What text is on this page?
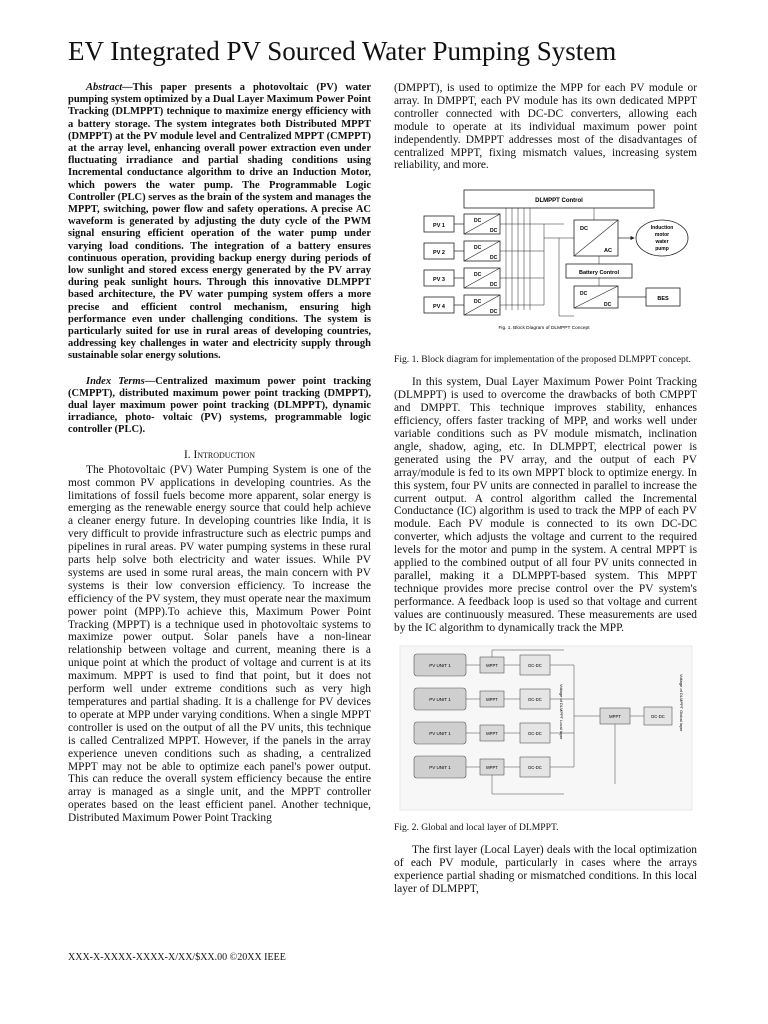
EV Integrated PV Sourced Water Pumping System

Abstract—This paper presents a photovoltaic (PV) water pumping system optimized by a Dual Layer Maximum Power Point Tracking (DLMPPT) technique to maximize energy efficiency with a battery storage. The system integrates both Distributed MPPT (DMPPT) at the PV module level and Centralized MPPT (CMPPT) at the array level, enhancing overall power extraction even under fluctuating irradiance and partial shading conditions using Incremental conductance algorithm to drive an Induction Motor, which powers the water pump. The Programmable Logic Controller (PLC) serves as the brain of the system and manages the MPPT, switching, power flow and safety operations. A precise AC waveform is generated by adjusting the duty cycle of the PWM signal ensuring efficient operation of the water pump under varying load conditions. The integration of a battery ensures continuous operation, providing backup energy during periods of low sunlight and stored excess energy generated by the PV array during peak sunlight hours. Through this innovative DLMPPT based architecture, the PV water pumping system offers a more precise and efficient control mechanism, ensuring high performance even under challenging conditions. The system is particularly suited for use in rural areas of developing countries, addressing key challenges in water and electricity supply through sustainable solar energy solutions.

Index Terms—Centralized maximum power point tracking (CMPPT), distributed maximum power point tracking (DMPPT), dual layer maximum power point tracking (DLMPPT), dynamic irradiance, photo- voltaic (PV) systems, programmable logic controller (PLC).

I. Introduction

The Photovoltaic (PV) Water Pumping System is one of the most common PV applications in developing countries. As the limitations of fossil fuels become more apparent, solar energy is emerging as the renewable energy source that could help achieve a cleaner energy future. In developing countries like India, it is very difficult to provide infrastructure such as electric pumps and pipelines in rural areas. PV water pumping systems in these rural parts help solve both electricity and water issues. While PV systems are used in some rural areas, the main concern with PV systems is their low conversion efficiency. To increase the efficiency of the PV system, they must operate near the maximum power point (MPP).To achieve this, Maximum Power Point Tracking (MPPT) is a technique used in photovoltaic systems to maximize power output. Solar panels have a non-linear relationship between voltage and current, meaning there is a unique point at which the product of voltage and current is at its maximum. MPPT is used to find that point, but it does not perform well under extreme conditions such as very high temperatures and partial shading. It is a challenge for PV devices to operate at MPP under varying conditions. When a single MPPT controller is used on the output of all the PV units, this technique is called Centralized MPPT. However, if the panels in the array experience uneven conditions such as shading, a centralized MPPT may not be able to optimize each panel's power output. This can reduce the overall system efficiency because the entire array is managed as a single unit, and the MPPT controller operates based on the least efficient panel. Another technique, Distributed Maximum Power Point Tracking

(DMPPT), is used to optimize the MPP for each PV module or array. In DMPPT, each PV module has its own dedicated MPPT controller connected with DC-DC converters, allowing each module to operate at its individual maximum power point independently. DMPPT addresses most of the disadvantages of centralized MPPT, fixing mismatch values, increasing system reliability, and more.

DLMPPT Control
PV 1
DC
DC
PV 2
DC
DC
PV 3
DC
DC
PV 4
DC
DC
DC
AC
Induction
motor
water
pump
Battery Control
DC
DC
BES
Fig. 1. Block Diagram of DLMPPT Concept
Fig. 1. Block diagram for implementation of the proposed DLMPPT concept.

In this system, Dual Layer Maximum Power Point Tracking (DLMPPT) is used to overcome the drawbacks of both CMPPT and DMPPT. This technique improves stability, enhances efficiency, offers faster tracking of MPP, and works well under variable conditions such as PV module mismatch, inclination angle, shadow, aging, etc. In DLMPPT, electrical power is generated using the PV array, and the output of each PV array/module is fed to its own MPPT block to optimize energy. In this system, four PV units are connected in parallel to increase the current output. A control algorithm called the Incremental Conductance (IC) algorithm is used to track the MPP of each PV module. Each PV module is connected to its own DC-DC converter, which adjusts the voltage and current to the required levels for the motor and pump in the system. A central MPPT is applied to the combined output of all four PV units connected in parallel, making it a DLMPPT-based system. This MPPT technique provides more precise control over the PV system's performance. A feedback loop is used so that voltage and current values are continuously measured. These measurements are used by the IC algorithm to dynamically track the MPP.

PV UNIT 1	MPPT	DC-DC
PV UNIT 1	MPPT	DC-DC
PV UNIT 1	MPPT	DC-DC
PV UNIT 1	MPPT	DC-DC
Voltage of DLMPPT Local layer	MPPT	DC-DC	Voltage of DLMPPT Global layer
Fig. 2. Global and local layer of DLMPPT.

The first layer (Local Layer) deals with the local optimization of each PV module, particularly in cases where the arrays experience partial shading or mismatched conditions. In this local layer of DLMPPT,

XXX-X-XXXX-XXXX-X/XX/$XX.00 ©20XX IEEE
